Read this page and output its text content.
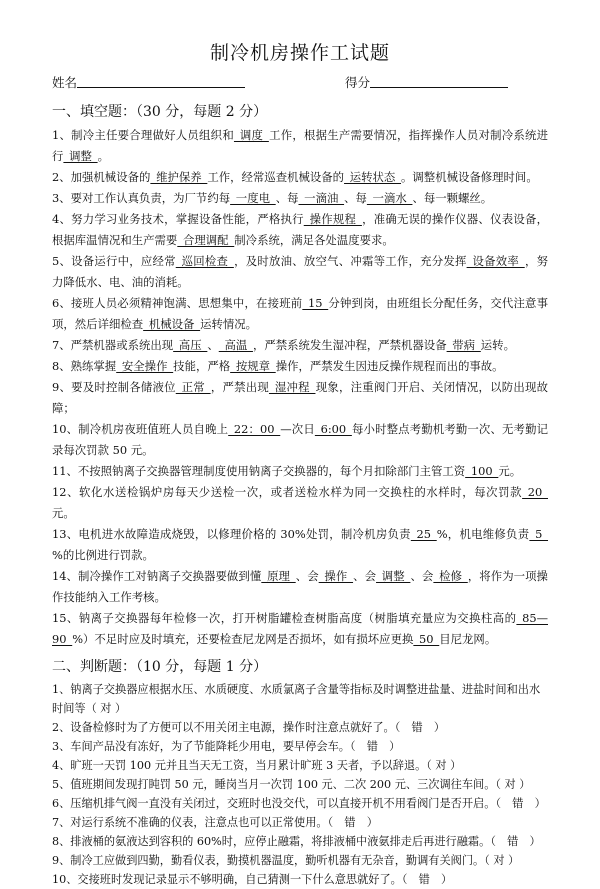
制冷机房操作工试题
姓名	得分
一、填空题：（30 分，每题 2 分）

1、制冷主任要合理做好人员组织和 调度 工作，根据生产需要情况，指挥操作人员对制冷系统进行 调整 。

2、加强机械设备的 维护保养 工作，经常巡查机械设备的 运转状态 。调整机械设备修理时间。

3、要对工作认真负责，为厂节约每 一度电 、每 一滴油 、每 一滴水 、每一颗螺丝。

4、努力学习业务技术，掌握设备性能，严格执行 操作规程 ，准确无误的操作仪器、仪表设备，根据库温情况和生产需要 合理调配 制冷系统，满足各处温度要求。

5、设备运行中，应经常 巡回检查 ，及时放油、放空气、冲霜等工作，充分发挥 设备效率 ，努力降低水、电、油的消耗。

6、接班人员必须精神饱满、思想集中，在接班前 15 分钟到岗，由班组长分配任务，交代注意事项，然后详细检查 机械设备 运转情况。

7、严禁机器或系统出现 高压 、 高温 ，严禁系统发生湿冲程，严禁机器设备 带病 运转。

8、熟练掌握 安全操作 技能，严格 按规章 操作，严禁发生因违反操作规程而出的事故。

9、要及时控制各储液位 正常 ，严禁出现 湿冲程 现象，注重阀门开启、关闭情况，以防出现故障；

10、制冷机房夜班值班人员自晚上 22：00 —次日 6:00 每小时整点考勤机考勤一次、无考勤记录每次罚款 50 元。

11、不按照钠离子交换器管理制度使用钠离子交换器的，每个月扣除部门主管工资 100 元。

12、软化水送检锅炉房每天少送检一次，或者送检水样为同一交换柱的水样时，每次罚款 20 元。

13、电机进水故障造成烧毁，以修理价格的 30%处罚，制冷机房负责 25 %，机电维修负责 5 %的比例进行罚款。

14、制冷操作工对钠离子交换器要做到懂 原理 、会 操作 、会 调整 、会 检修 ，将作为一项操作技能纳入工作考核。

15、钠离子交换器每年检修一次，打开树脂罐检查树脂高度（树脂填充量应为交换柱高的 85—90 %）不足时应及时填充，还要检查尼龙网是否损坏，如有损坏应更换 50 目尼龙网。

二、判断题：（10 分，每题 1 分）

1、钠离子交换器应根据水压、水质硬度、水质氯离子含量等指标及时调整进盐量、进盐时间和出水时间等（ 对 ）

2、设备检修时为了方便可以不用关闭主电源，操作时注意点就好了。（　错　）

3、车间产品没有冻好，为了节能降耗少用电，要早停会车。（　错　）

4、旷班一天罚 100 元并且当天无工资，当月累计旷班 3 天者，予以辞退。（ 对 ）

5、值班期间发现打盹罚 50 元，睡岗当月一次罚 100 元、二次 200 元、三次调往车间。（ 对 ）

6、压缩机排气阀一直没有关闭过，交班时也没交代，可以直接开机不用看阀门是否开启。（　错　）

7、对运行系统不准确的仪表，注意点也可以正常使用。（　错　）

8、排液桶的氨液达到容积的 60%时，应停止融霜，将排液桶中液氨排走后再进行融霜。（　错　）

9、制冷工应做到四勤，勤看仪表，勤摸机器温度，勤听机器有无杂音，勤调有关阀门。（ 对 ）

10、交接班时发现记录显示不够明确，自己猜测一下什么意思就好了。（　错　）
